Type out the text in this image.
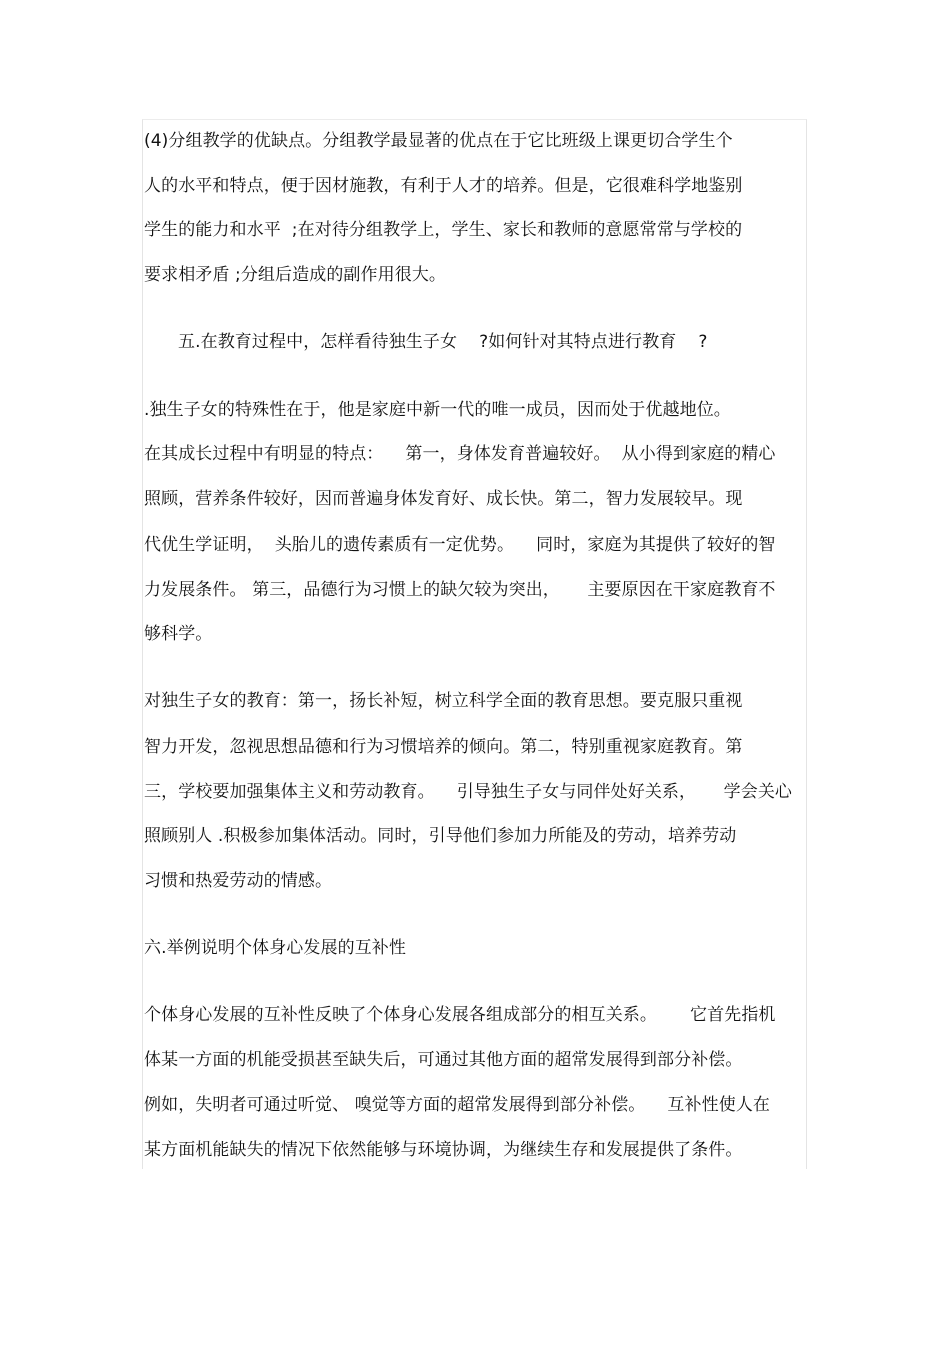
(4)分组教学的优缺点。分组教学最显著的优点在于它比班级上课更切合学生个
人的水平和特点，便于因材施教，有利于人才的培养。但是，它很难科学地鉴别
学生的能力和水平  ;在对待分组教学上，学生、家长和教师的意愿常常与学校的
要求相矛盾 ;分组后造成的副作用很大。
五.在教育过程中，怎样看待独生子女    ?如何针对其特点进行教育    ?
.独生子女的特殊性在于，他是家庭中新一代的唯一成员，因而处于优越地位。
在其成长过程中有明显的特点：    第一，身体发育普遍较好。  从小得到家庭的精心
照顾，营养条件较好，因而普遍身体发育好、成长快。第二，智力发展较早。现
代优生学证明，  头胎儿的遗传素质有一定优势。    同时，家庭为其提供了较好的智
力发展条件。 第三，品德行为习惯上的缺欠较为突出，     主要原因在干家庭教育不
够科学。
对独生子女的教育：第一，扬长补短，树立科学全面的教育思想。要克服只重视
智力开发，忽视思想品德和行为习惯培养的倾向。第二，特别重视家庭教育。第
三，学校要加强集体主义和劳动教育。    引导独生子女与同伴处好关系，     学会关心
照顾别人 .积极参加集体活动。同时，引导他们参加力所能及的劳动，培养劳动
习惯和热爱劳动的情感。
六.举例说明个体身心发展的互补性
个体身心发展的互补性反映了个体身心发展各组成部分的相互关系。      它首先指机
体某一方面的机能受损甚至缺失后，可通过其他方面的超常发展得到部分补偿。
例如，失明者可通过听觉、 嗅觉等方面的超常发展得到部分补偿。    互补性使人在
某方面机能缺失的情况下依然能够与环境协调，为继续生存和发展提供了条件。
